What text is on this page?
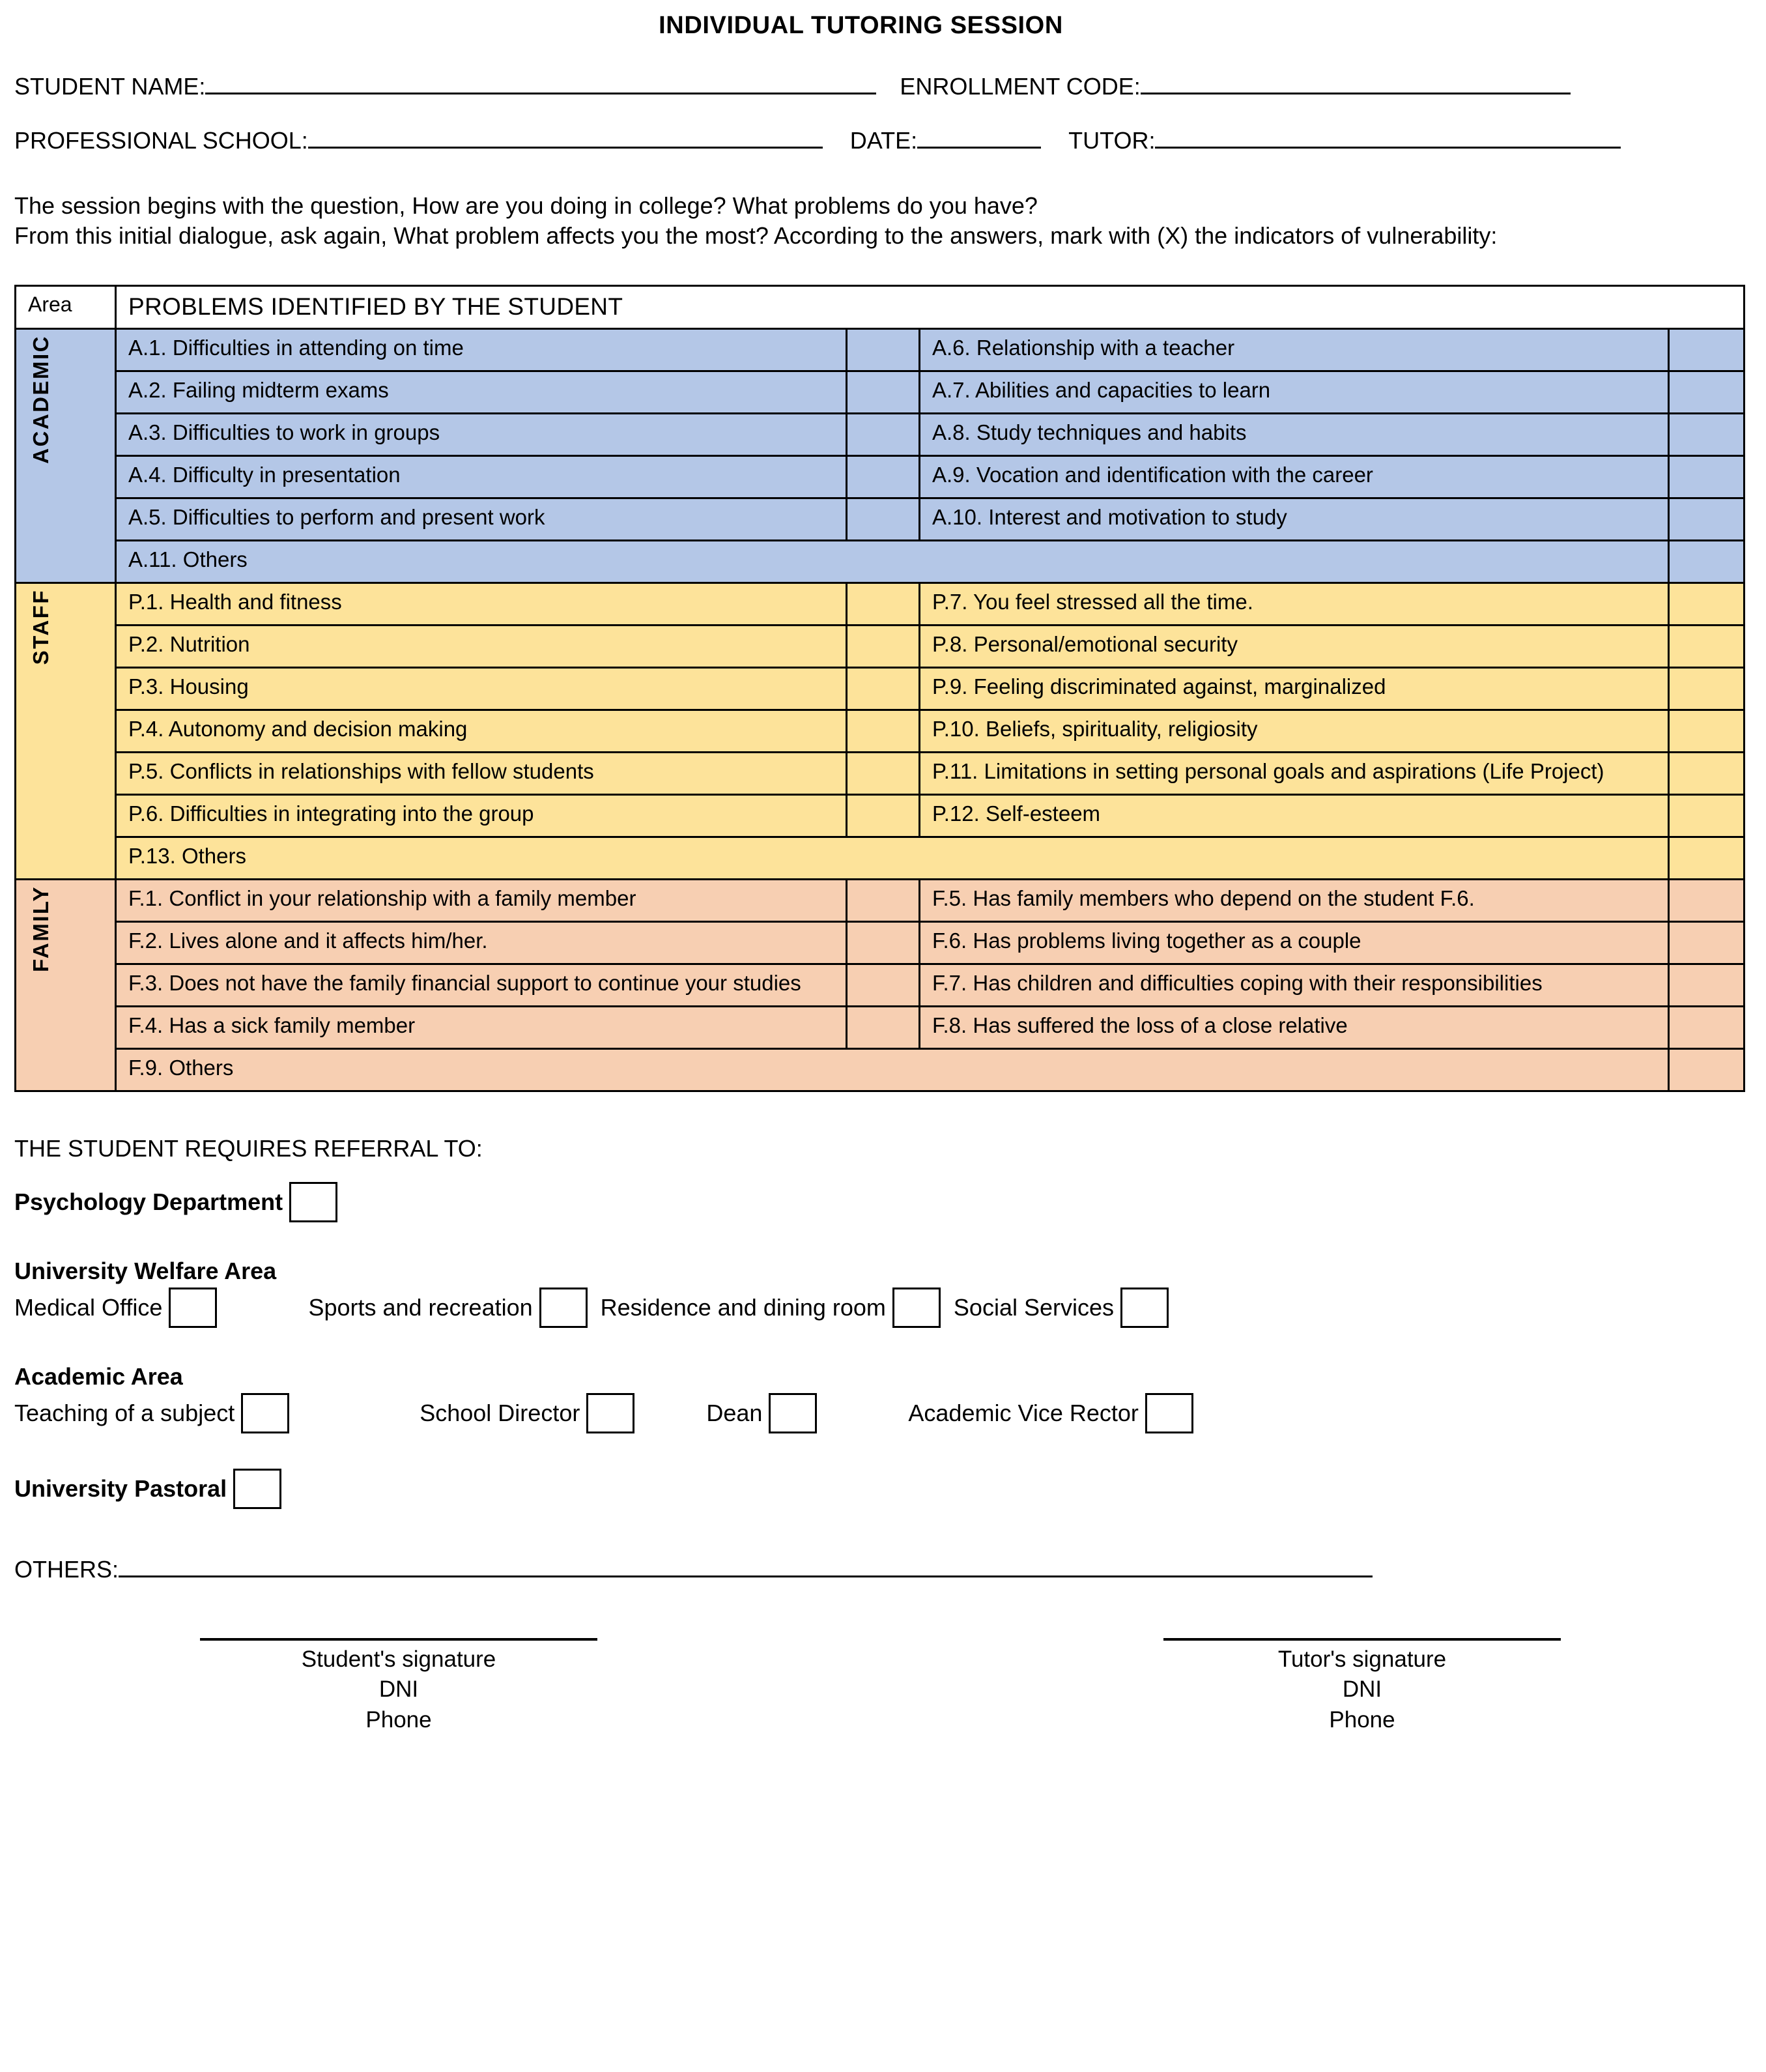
INDIVIDUAL TUTORING SESSION
STUDENT NAME:	ENROLLMENT CODE:
PROFESSIONAL SCHOOL:	DATE:	TUTOR:
The session begins with the question, How are you doing in college? What problems do you have?
From this initial dialogue, ask again, What problem affects you the most? According to the answers, mark with (X) the indicators of vulnerability:
Area	PROBLEMS IDENTIFIED BY THE STUDENT			
ACADEMIC	A.1. Difficulties in attending on time		A.6. Relationship with a teacher	
	A.2. Failing midterm exams		A.7. Abilities and capacities to learn	
	A.3. Difficulties to work in groups		A.8. Study techniques and habits	
	A.4. Difficulty in presentation		A.9. Vocation and identification with the career	
	A.5. Difficulties to perform and present work		A.10. Interest and motivation to study	
	A.11. Others			
STAFF	P.1. Health and fitness		P.7. You feel stressed all the time.	
	P.2. Nutrition		P.8. Personal/emotional security	
	P.3. Housing		P.9. Feeling discriminated against, marginalized	
	P.4. Autonomy and decision making		P.10. Beliefs, spirituality, religiosity	
	P.5. Conflicts in relationships with fellow students		P.11. Limitations in setting personal goals and aspirations (Life Project)	
	P.6. Difficulties in integrating into the group		P.12. Self-esteem	
	P.13. Others			
FAMILY	F.1. Conflict in your relationship with a family member		F.5. Has family members who depend on the student F.6.	
	F.2. Lives alone and it affects him/her.		F.6. Has problems living together as a couple	
	F.3. Does not have the family financial support to continue your studies		F.7. Has children and difficulties coping with their responsibilities	
	F.4. Has a sick family member		F.8. Has suffered the loss of a close relative	
	F.9. Others			
THE STUDENT REQUIRES REFERRAL TO:
Psychology Department
University Welfare Area
Medical Office	Sports and recreation	Residence and dining room	Social Services
Academic Area
Teaching of a subject	School Director	Dean	Academic Vice Rector
University Pastoral
OTHERS:
Student's signature
DNI
Phone
Tutor's signature
DNI
Phone
